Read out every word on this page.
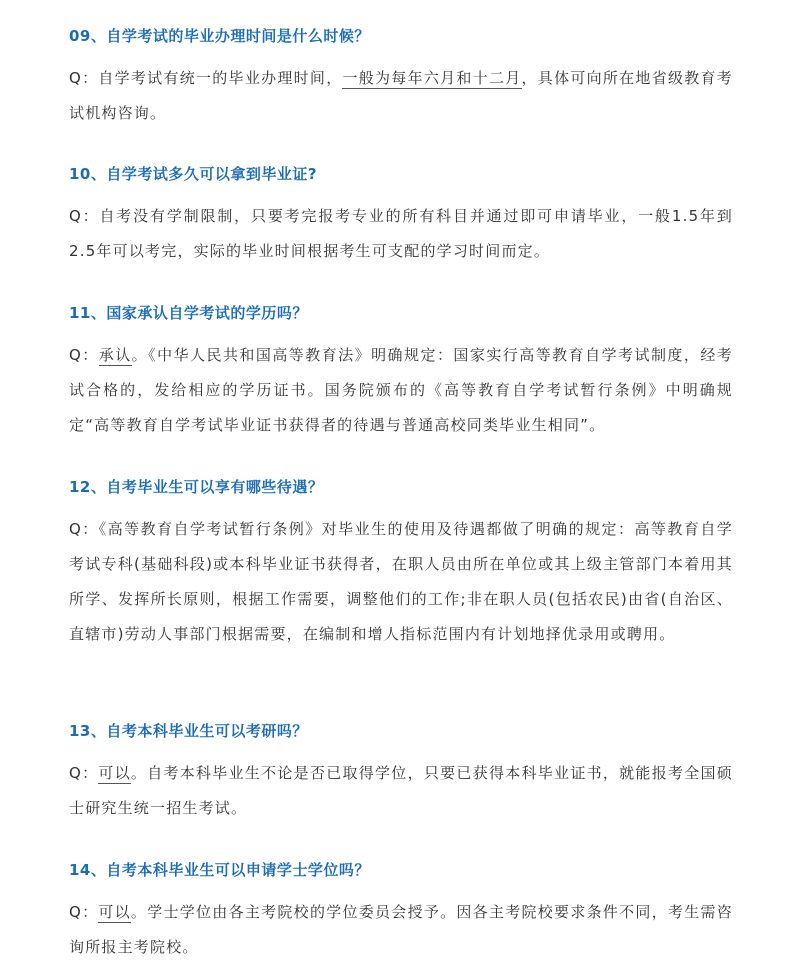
09、自学考试的毕业办理时间是什么时候？

Q：自学考试有统一的毕业办理时间，一般为每年六月和十二月，具体可向所在地省级教育考试机构咨询。

10、自学考试多久可以拿到毕业证?

Q：自考没有学制限制，只要考完报考专业的所有科目并通过即可申请毕业，一般1.5年到2.5年可以考完，实际的毕业时间根据考生可支配的学习时间而定。

11、国家承认自学考试的学历吗？

Q：承认。《中华人民共和国高等教育法》明确规定：国家实行高等教育自学考试制度，经考试合格的，发给相应的学历证书。国务院颁布的《高等教育自学考试暂行条例》中明确规定“高等教育自学考试毕业证书获得者的待遇与普通高校同类毕业生相同”。

12、自考毕业生可以享有哪些待遇？

Q：《高等教育自学考试暂行条例》对毕业生的使用及待遇都做了明确的规定：高等教育自学考试专科(基础科段)或本科毕业证书获得者，在职人员由所在单位或其上级主管部门本着用其所学、发挥所长原则，根据工作需要，调整他们的工作;非在职人员(包括农民)由省(自治区、直辖市)劳动人事部门根据需要，在编制和增人指标范围内有计划地择优录用或聘用。

13、自考本科毕业生可以考研吗？

Q：可以。自考本科毕业生不论是否已取得学位，只要已获得本科毕业证书，就能报考全国硕士研究生统一招生考试。

14、自考本科毕业生可以申请学士学位吗？

Q：可以。学士学位由各主考院校的学位委员会授予。因各主考院校要求条件不同，考生需咨询所报主考院校。
